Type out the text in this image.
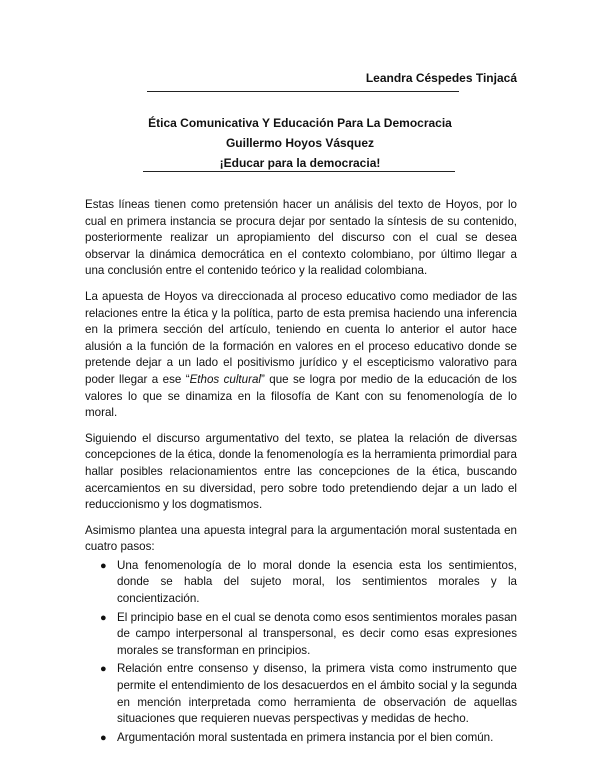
Leandra Céspedes Tinjacá

Ética Comunicativa Y Educación Para La Democracia
Guillermo Hoyos Vásquez
¡Educar para la democracia!

Estas líneas tienen como pretensión hacer un análisis del texto de Hoyos, por lo cual en primera instancia se procura dejar por sentado la síntesis de su contenido, posteriormente realizar un apropiamiento del discurso con el cual se desea observar la dinámica democrática en el contexto colombiano, por último llegar a una conclusión entre el contenido teórico y la realidad colombiana.

La apuesta de Hoyos va direccionada al proceso educativo como mediador de las relaciones entre la ética y la política, parto de esta premisa haciendo una inferencia en la primera sección del artículo, teniendo en cuenta lo anterior el autor hace alusión a la función de la formación en valores en el proceso educativo donde se pretende dejar a un lado el positivismo jurídico y el escepticismo valorativo para poder llegar a ese “Ethos cultural” que se logra por medio de la educación de los valores lo que se dinamiza en la filosofía de Kant con su fenomenología de lo moral.

Siguiendo el discurso argumentativo del texto, se platea la relación de diversas concepciones de la ética, donde la fenomenología es la herramienta primordial para hallar posibles relacionamientos entre las concepciones de la ética, buscando acercamientos en su diversidad, pero sobre todo pretendiendo dejar a un lado el reduccionismo y los dogmatismos.

Asimismo plantea una apuesta integral para la argumentación moral sustentada en cuatro pasos:

● Una fenomenología de lo moral donde la esencia esta los sentimientos, donde se habla del sujeto moral, los sentimientos morales y la concientización.
● El principio base en el cual se denota como esos sentimientos morales pasan de campo interpersonal al transpersonal, es decir como esas expresiones morales se transforman en principios.
● Relación entre consenso y disenso, la primera vista como instrumento que permite el entendimiento de los desacuerdos en el ámbito social y la segunda en mención interpretada como herramienta de observación de aquellas situaciones que requieren nuevas perspectivas y medidas de hecho.
● Argumentación moral sustentada en primera instancia por el bien común.
